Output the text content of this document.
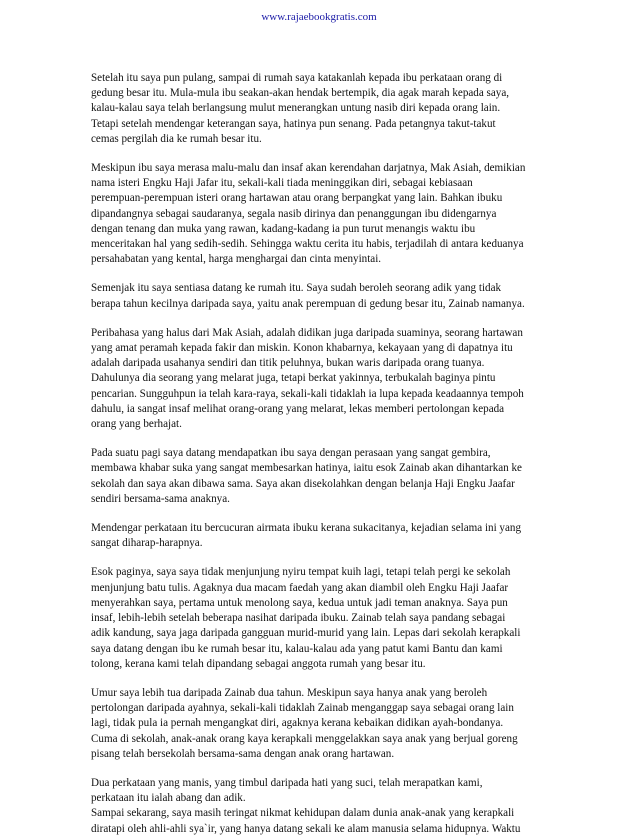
www.rajaebookgratis.com

Setelah itu saya pun pulang, sampai di rumah saya katakanlah kepada ibu perkataan orang di
gedung besar itu. Mula-mula ibu seakan-akan hendak bertempik, dia agak marah kepada saya,
kalau-kalau saya telah berlangsung mulut menerangkan untung nasib diri kepada orang lain.
Tetapi setelah mendengar keterangan saya, hatinya pun senang. Pada petangnya takut-takut
cemas pergilah dia ke rumah besar itu.

Meskipun ibu saya merasa malu-malu dan insaf akan kerendahan darjatnya, Mak Asiah, demikian
nama isteri Engku Haji Jafar itu, sekali-kali tiada meninggikan diri, sebagai kebiasaan
perempuan-perempuan isteri orang hartawan atau orang berpangkat yang lain. Bahkan ibuku
dipandangnya sebagai saudaranya, segala nasib dirinya dan penanggungan ibu didengarnya
dengan tenang dan muka yang rawan, kadang-kadang ia pun turut menangis waktu ibu
menceritakan hal yang sedih-sedih. Sehingga waktu cerita itu habis, terjadilah di antara keduanya
persahabatan yang kental, harga menghargai dan cinta menyintai.

Semenjak itu saya sentiasa datang ke rumah itu. Saya sudah beroleh seorang adik yang tidak
berapa tahun kecilnya daripada saya, yaitu anak perempuan di gedung besar itu, Zainab namanya.

Peribahasa yang halus dari Mak Asiah, adalah didikan juga daripada suaminya, seorang hartawan
yang amat peramah kepada fakir dan miskin. Konon khabarnya, kekayaan yang di dapatnya itu
adalah daripada usahanya sendiri dan titik peluhnya, bukan waris daripada orang tuanya.
Dahulunya dia seorang yang melarat juga, tetapi berkat yakinnya, terbukalah baginya pintu
pencarian. Sungguhpun ia telah kara-raya, sekali-kali tidaklah ia lupa kepada keadaannya tempoh
dahulu, ia sangat insaf melihat orang-orang yang melarat, lekas memberi pertolongan kepada
orang yang berhajat.

Pada suatu pagi saya datang mendapatkan ibu saya dengan perasaan yang sangat gembira,
membawa khabar suka yang sangat membesarkan hatinya, iaitu esok Zainab akan dihantarkan ke
sekolah dan saya akan dibawa sama. Saya akan disekolahkan dengan belanja Haji Engku Jaafar
sendiri bersama-sama anaknya.

Mendengar perkataan itu bercucuran airmata ibuku kerana sukacitanya, kejadian selama ini yang
sangat diharap-harapnya.

Esok paginya, saya saya tidak menjunjung nyiru tempat kuih lagi, tetapi telah pergi ke sekolah
menjunjung batu tulis. Agaknya dua macam faedah yang akan diambil oleh Engku Haji Jaafar
menyerahkan saya, pertama untuk menolong saya, kedua untuk jadi teman anaknya. Saya pun
insaf, lebih-lebih setelah beberapa nasihat daripada ibuku. Zainab telah saya pandang sebagai
adik kandung, saya jaga daripada gangguan murid-murid yang lain. Lepas dari sekolah kerapkali
saya datang dengan ibu ke rumah besar itu, kalau-kalau ada yang patut kami Bantu dan kami
tolong, kerana kami telah dipandang sebagai anggota rumah yang besar itu.

Umur saya lebih tua daripada Zainab dua tahun. Meskipun saya hanya anak yang beroleh
pertolongan daripada ayahnya, sekali-kali tidaklah Zainab menganggap saya sebagai orang lain
lagi, tidak pula ia pernah mengangkat diri, agaknya kerana kebaikan didikan ayah-bondanya.
Cuma di sekolah, anak-anak orang kaya kerapkali menggelakkan saya anak yang berjual goreng
pisang telah bersekolah bersama-sama dengan anak orang hartawan.

Dua perkataan yang manis, yang timbul daripada hati yang suci, telah merapatkan kami,
perkataan itu ialah abang dan adik.
Sampai sekarang, saya masih teringat nikmat kehidupan dalam dunia anak-anak yang kerapkali
diratapi oleh ahli-ahli sya`ir, yang hanya datang sekali ke alam manusia selama hidupnya. Waktu
